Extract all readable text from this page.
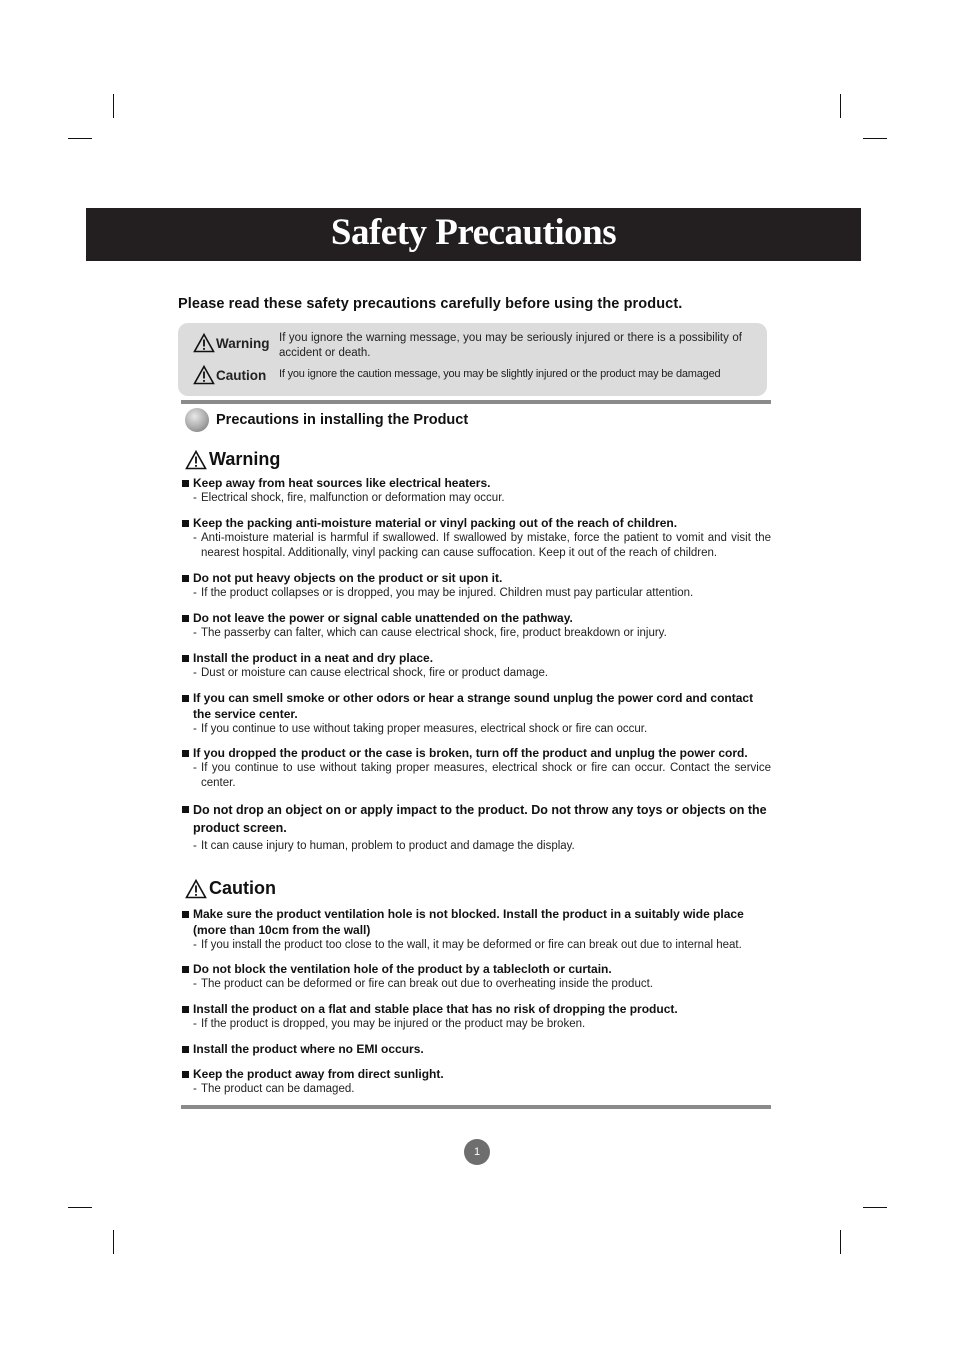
Safety Precautions
Please read these safety precautions carefully before using the product.
Warning If you ignore the warning message, you may be seriously injured or there is a possibility of accident or death.
Caution If you ignore the caution message, you may be slightly injured or the product may be damaged
Precautions in installing the Product
Warning
Keep away from heat sources like electrical heaters.
- Electrical shock, fire, malfunction or deformation may occur.
Keep the packing anti-moisture material or vinyl packing out of the reach of children.
- Anti-moisture material is harmful if swallowed. If swallowed by mistake, force the patient to vomit and visit the nearest hospital. Additionally, vinyl packing can cause suffocation. Keep it out of the reach of children.
Do not put heavy objects on the product or sit upon it.
- If the product collapses or is dropped, you may be injured. Children must pay particular attention.
Do not leave the power or signal cable unattended on the pathway.
- The passerby can falter, which can cause electrical shock, fire, product breakdown or injury.
Install the product in a neat and dry place.
- Dust or moisture can cause electrical shock, fire or product damage.
If you can smell smoke or other odors or hear a strange sound unplug the power cord and contact the service center.
- If you continue to use without taking proper measures, electrical shock or fire can occur.
If you dropped the product or the case is broken, turn off the product and unplug the power cord.
- If you continue to use without taking proper measures, electrical shock or fire can occur. Contact the service center.
Do not drop an object on or apply impact to the product. Do not throw any toys or objects on the product screen.
- It can cause injury to human, problem to product and damage the display.
Caution
Make sure the product ventilation hole is not blocked. Install the product in a suitably wide place (more than 10cm from the wall)
- If you install the product too close to the wall, it may be deformed or fire can break out due to internal heat.
Do not block the ventilation hole of the product by a tablecloth or curtain.
- The product can be deformed or fire can break out due to overheating inside the product.
Install the product on a flat and stable place that has no risk of dropping the product.
- If the product is dropped, you may be injured or the product may be broken.
Install the product where no EMI occurs.
Keep the product away from direct sunlight.
- The product can be damaged.
1
